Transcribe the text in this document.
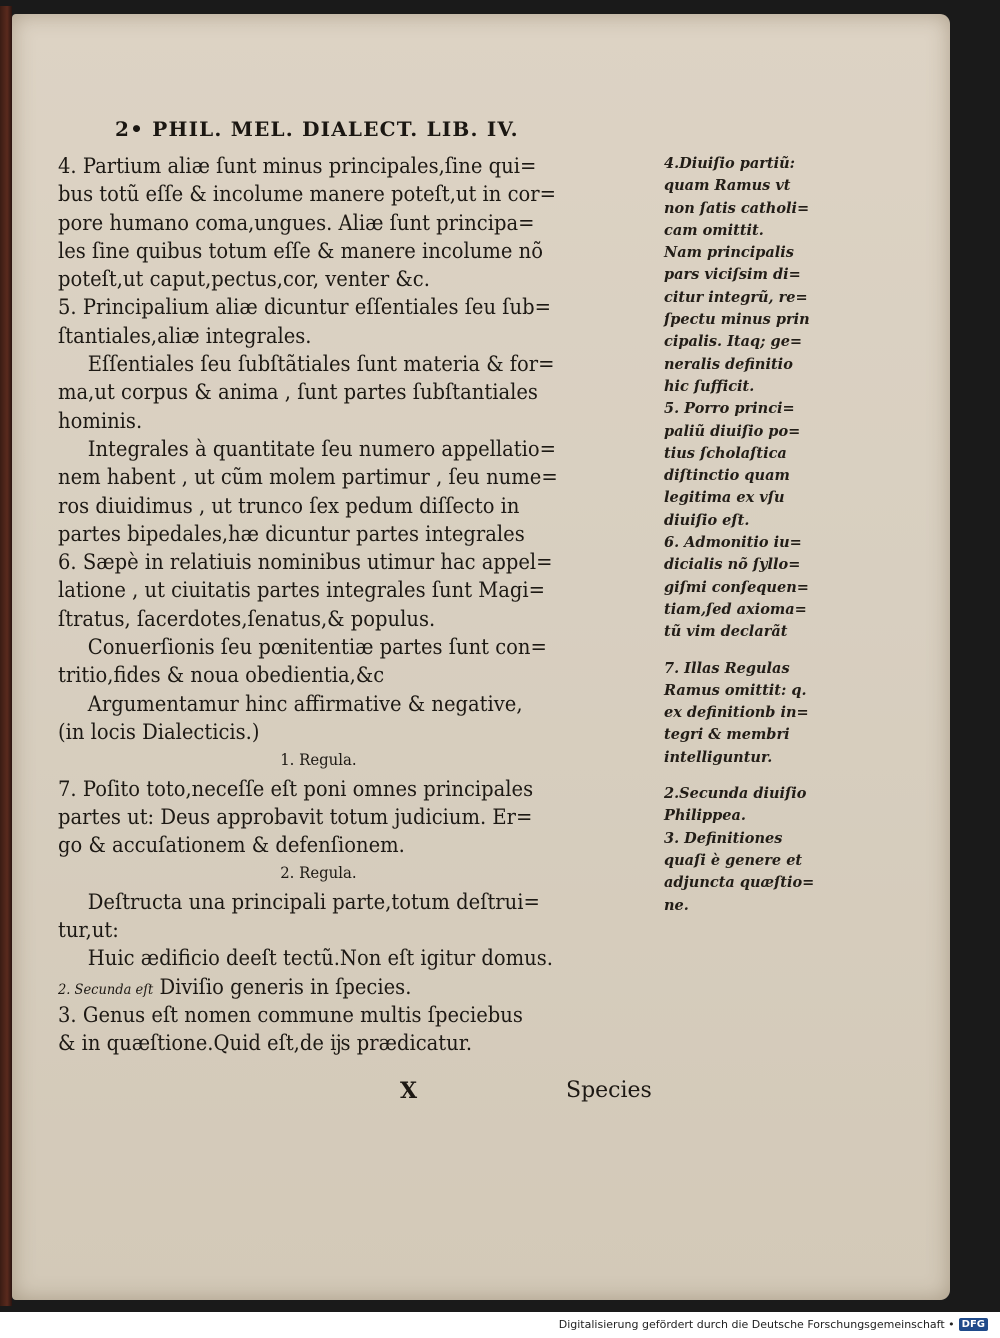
2• PHIL. MEL. DIALECT. LIB. IV.
4. Partium aliæ ſunt minus principales,ſine qui=
bus totũ eſſe & incolume manere poteſt,ut in cor=
pore humano coma,ungues. Aliæ ſunt principa=
les ſine quibus totum eſſe & manere incolume nõ
poteſt,ut caput,pectus,cor, venter &c.
5. Principalium aliæ dicuntur eſſentiales ſeu ſub=
ſtantiales,aliæ integrales.
Eſſentiales ſeu ſubſtãtiales ſunt materia & for=
ma,ut corpus & anima , ſunt partes ſubſtantiales
hominis.
Integrales à quantitate ſeu numero appellatio=
nem habent , ut cũm molem partimur , ſeu nume=
ros diuidimus , ut trunco ſex pedum diſſecto in
partes bipedales,hæ dicuntur partes integrales
6. Sæpè in relatiuis nominibus utimur hac appel=
latione , ut ciuitatis partes integrales ſunt Magi=
ſtratus, ſacerdotes,ſenatus,& populus.
Conuerſionis ſeu pœnitentiæ partes ſunt con=
tritio,fides & noua obedientia,&c
Argumentamur hinc affirmative & negative,
(in locis Dialecticis.)
1. Regula.
7. Poſito toto,neceſſe eſt poni omnes principales
partes ut: Deus approbavit totum judicium. Er=
go & accuſationem & defenſionem.
2. Regula.
Deſtructa una principali parte,totum deſtrui=
tur,ut:
Huic ædificio deeſt tectũ.Non eſt igitur domus.
2. Secunda eſt Diviſio generis in ſpecies.
3. Genus eſt nomen commune multis ſpeciebus
& in quæſtione.Quid eſt,de ĳs prædicatur.
X	Species
4.Diuiſio partiũ:
quam Ramus vt
non ſatis catholi=
cam omittit.
Nam principalis
pars viciſsim di=
citur integrũ, re=
ſpectu minus prin
cipalis. Itaq; ge=
neralis definitio
hic ſufficit.
5. Porro princi=
paliũ diuiſio po=
tius ſcholaſtica
diſtinctio quam
legitima ex vſu
diuiſio eſt.
6. Admonitio iu=
dicialis nõ ſyllo=
giſmi conſequen=
tiam,ſed axioma=
tũ vim declarãt
7. Illas Regulas
Ramus omittit: q.
ex definitionb in=
tegri & membri
intelliguntur.
2.Secunda diuiſio
Philippea.
3. Definitiones
quaſi è genere et
adjuncta quæſtio=
ne.
Digitalisierung gefördert durch die Deutsche Forschungsgemeinschaft • DFG
